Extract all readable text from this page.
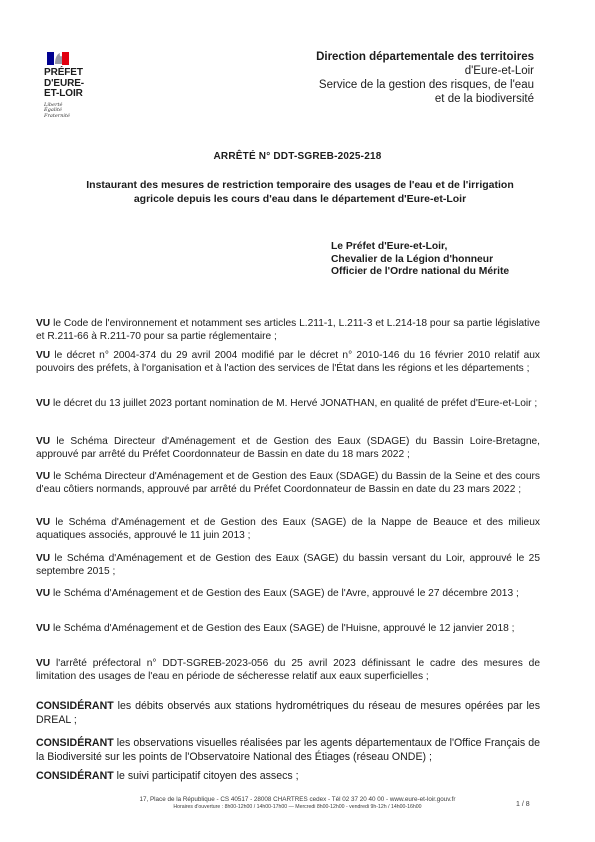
PRÉFET
D'EURE-
ET-LOIR
Liberté
Égalité
Fraternité
Direction départementale des territoires
d'Eure-et-Loir
Service de la gestion des risques, de l'eau
et de la biodiversité
ARRÊTÉ N° DDT-SGREB-2025-218
Instaurant des mesures de restriction temporaire des usages de l'eau et de l'irrigation
agricole depuis les cours d'eau dans le département d'Eure-et-Loir
Le Préfet d'Eure-et-Loir,
Chevalier de la Légion d'honneur
Officier de l'Ordre national du Mérite

VU le Code de l'environnement et notamment ses articles L.211-1, L.211-3 et L.214-18 pour sa partie législative et R.211-66 à R.211-70 pour sa partie réglementaire ;

VU le décret n° 2004-374 du 29 avril 2004 modifié par le décret n° 2010-146 du 16 février 2010 relatif aux pouvoirs des préfets, à l'organisation et à l'action des services de l'État dans les régions et les départements ;

VU le décret du 13 juillet 2023 portant nomination de M. Hervé JONATHAN, en qualité de préfet d'Eure-et-Loir ;

VU le Schéma Directeur d'Aménagement et de Gestion des Eaux (SDAGE) du Bassin Loire-Bretagne, approuvé par arrêté du Préfet Coordonnateur de Bassin en date du 18 mars 2022 ;

VU le Schéma Directeur d'Aménagement et de Gestion des Eaux (SDAGE) du Bassin de la Seine et des cours d'eau côtiers normands, approuvé par arrêté du Préfet Coordonnateur de Bassin en date du 23 mars 2022 ;

VU le Schéma d'Aménagement et de Gestion des Eaux (SAGE) de la Nappe de Beauce et des milieux aquatiques associés, approuvé le 11 juin 2013 ;

VU le Schéma d'Aménagement et de Gestion des Eaux (SAGE) du bassin versant du Loir, approuvé le 25 septembre 2015 ;

VU le Schéma d'Aménagement et de Gestion des Eaux (SAGE) de l'Avre, approuvé le 27 décembre 2013 ;

VU le Schéma d'Aménagement et de Gestion des Eaux (SAGE) de l'Huisne, approuvé le 12 janvier 2018 ;

VU l'arrêté préfectoral n° DDT-SGREB-2023-056 du 25 avril 2023 définissant le cadre des mesures de limitation des usages de l'eau en période de sécheresse relatif aux eaux superficielles ;

CONSIDÉRANT les débits observés aux stations hydrométriques du réseau de mesures opérées par les DREAL ;

CONSIDÉRANT les observations visuelles réalisées par les agents départementaux de l'Office Français de la Biodiversité sur les points de l'Observatoire National des Étiages (réseau ONDE) ;

CONSIDÉRANT le suivi participatif citoyen des assecs ;

17, Place de la République - CS 40517 - 28008 CHARTRES cedex - Tél 02 37 20 40 00 - www.eure-et-loir.gouv.fr
Horaires d'ouverture : 8h00-12h00 / 14h00-17h00 — Mercredi 8h00-12h00 - vendredi 9h-12h / 14h00-16h00	1 / 8
